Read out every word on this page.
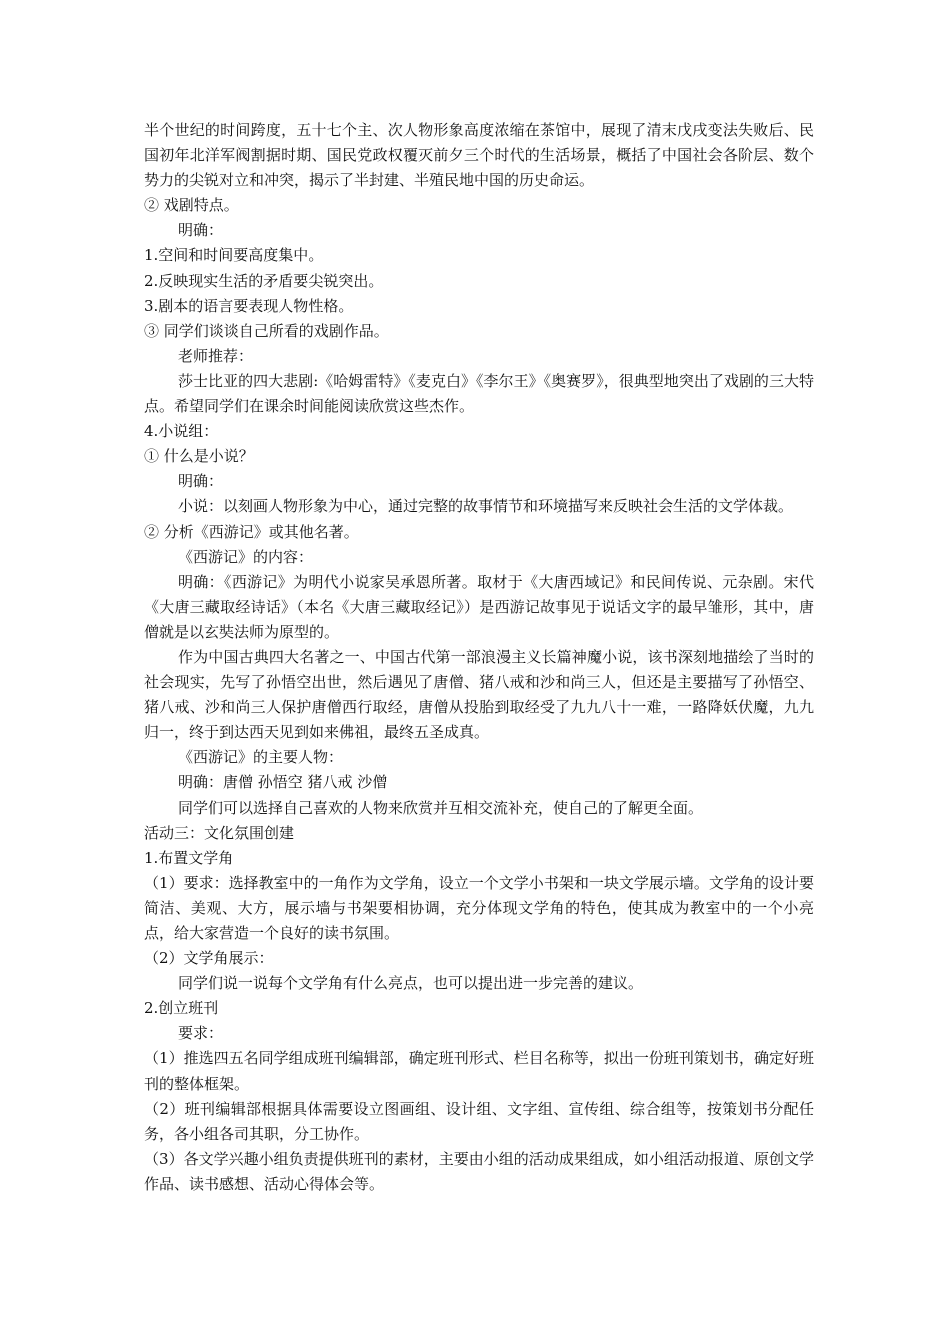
半个世纪的时间跨度，五十七个主、次人物形象高度浓缩在茶馆中，展现了清末戊戌变法失败后、民国初年北洋军阀割据时期、国民党政权覆灭前夕三个时代的生活场景，概括了中国社会各阶层、数个势力的尖锐对立和冲突，揭示了半封建、半殖民地中国的历史命运。

② 戏剧特点。

明确：

1.空间和时间要高度集中。

2.反映现实生活的矛盾要尖锐突出。

3.剧本的语言要表现人物性格。

③ 同学们谈谈自己所看的戏剧作品。

老师推荐：

莎士比亚的四大悲剧:《哈姆雷特》《麦克白》《李尔王》《奥赛罗》，很典型地突出了戏剧的三大特点。希望同学们在课余时间能阅读欣赏这些杰作。

4.小说组：

① 什么是小说？

明确：

小说：以刻画人物形象为中心，通过完整的故事情节和环境描写来反映社会生活的文学体裁。

② 分析《西游记》或其他名著。

《西游记》的内容：

明确：《西游记》为明代小说家吴承恩所著。取材于《大唐西域记》和民间传说、元杂剧。宋代《大唐三藏取经诗话》（本名《大唐三藏取经记》）是西游记故事见于说话文字的最早雏形，其中，唐僧就是以玄奘法师为原型的。

作为中国古典四大名著之一、中国古代第一部浪漫主义长篇神魔小说，该书深刻地描绘了当时的社会现实，先写了孙悟空出世，然后遇见了唐僧、猪八戒和沙和尚三人，但还是主要描写了孙悟空、猪八戒、沙和尚三人保护唐僧西行取经，唐僧从投胎到取经受了九九八十一难，一路降妖伏魔，九九归一，终于到达西天见到如来佛祖，最终五圣成真。

《西游记》的主要人物：

明确：唐僧 孙悟空 猪八戒 沙僧

同学们可以选择自己喜欢的人物来欣赏并互相交流补充，使自己的了解更全面。

活动三：文化氛围创建

1.布置文学角

（1）要求：选择教室中的一角作为文学角，设立一个文学小书架和一块文学展示墙。文学角的设计要简洁、美观、大方，展示墙与书架要相协调，充分体现文学角的特色，使其成为教室中的一个小亮点，给大家营造一个良好的读书氛围。

（2）文学角展示：

同学们说一说每个文学角有什么亮点，也可以提出进一步完善的建议。

2.创立班刊

要求：

（1）推选四五名同学组成班刊编辑部，确定班刊形式、栏目名称等，拟出一份班刊策划书，确定好班刊的整体框架。

（2）班刊编辑部根据具体需要设立图画组、设计组、文字组、宣传组、综合组等，按策划书分配任务，各小组各司其职，分工协作。

（3）各文学兴趣小组负责提供班刊的素材，主要由小组的活动成果组成，如小组活动报道、原创文学作品、读书感想、活动心得体会等。
